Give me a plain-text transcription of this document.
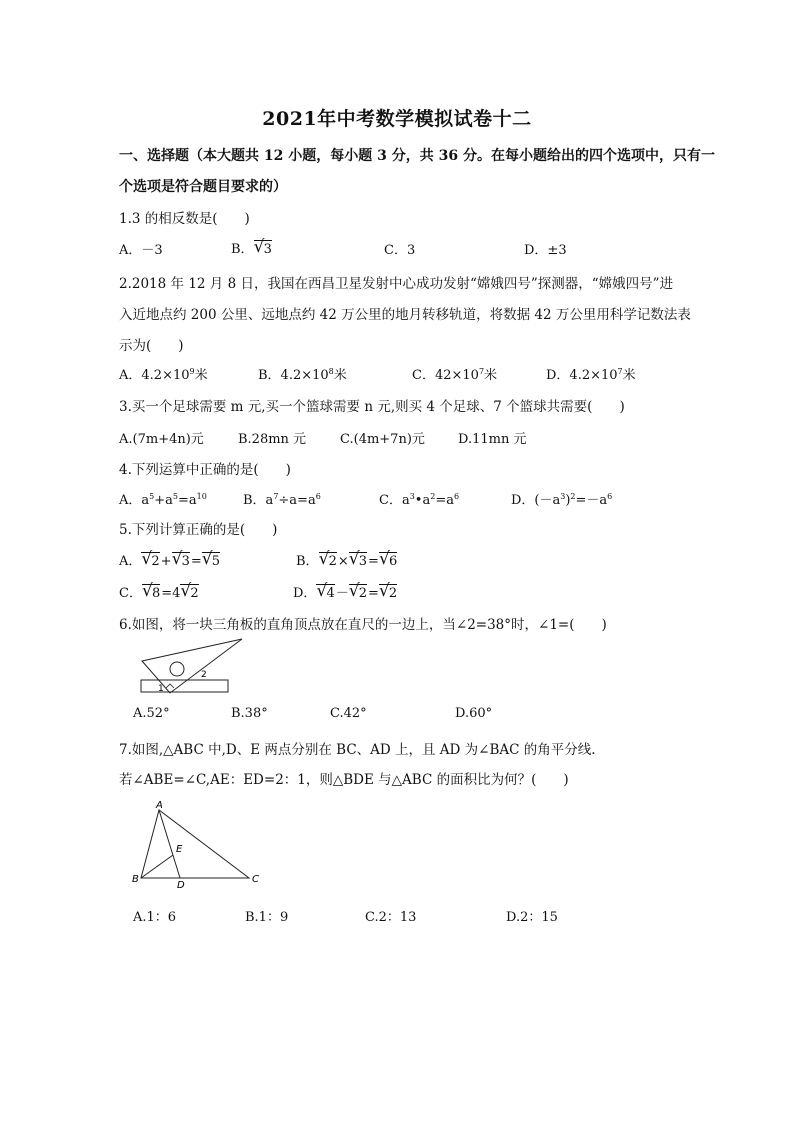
2021年中考数学模拟试卷十二
一、选择题（本大题共 12 小题，每小题 3 分，共 36 分。在每小题给出的四个选项中，只有一
个选项是符合题目要求的）
1.3 的相反数是(　　)
A．－3	B． √ 3	C．3	D．±3
2.2018 年 12 月 8 日，我国在西昌卫星发射中心成功发射“嫦娥四号”探测器，“嫦娥四号”进
入近地点约 200 公里、远地点约 42 万公里的地月转移轨道，将数据 42 万公里用科学记数法表
示为(　　)
A．$4.2\times 10^9$米	B．$4.2\times 10^8$米	C．$42\times 10^7$米	D．$4.2\times 10^7$米
3.买一个足球需要 m 元,买一个篮球需要 n 元,则买 4 个足球、7 个篮球共需要(　　)
A.(7m+4n)元	B.28mn 元	C.(4m+7n)元	D.11mn 元
4.下列运算中正确的是(　　)
A．$a^5+a^5=a^{10}$	B．$a^7\div a=a^6$	C．$a^3•a^2=a^6$	D．$(-a^3)^2=-a^6$
5.下列计算正确的是(　　)
A． √ 2+ √ 3= √ 5	B． √ 2× √ 3= √ 6
C． √ 8=4 √ 2	D． √ 4－ √ 2= √ 2
6.如图，将一块三角板的直角顶点放在直尺的一边上，当∠2=38°时，∠1=(　　)
1
2
A.52°	B.38°	C.42°	D.60°
7.如图,△ABC 中,D、E 两点分别在 BC、AD 上，且 AD 为∠BAC 的角平分线.
若∠ABE=∠C,AE：ED=2：1，则△BDE 与△ABC 的面积比为何？(　　)
A
B	C
D
E
A.1：6	B.1：9	C.2：13	D.2：15
